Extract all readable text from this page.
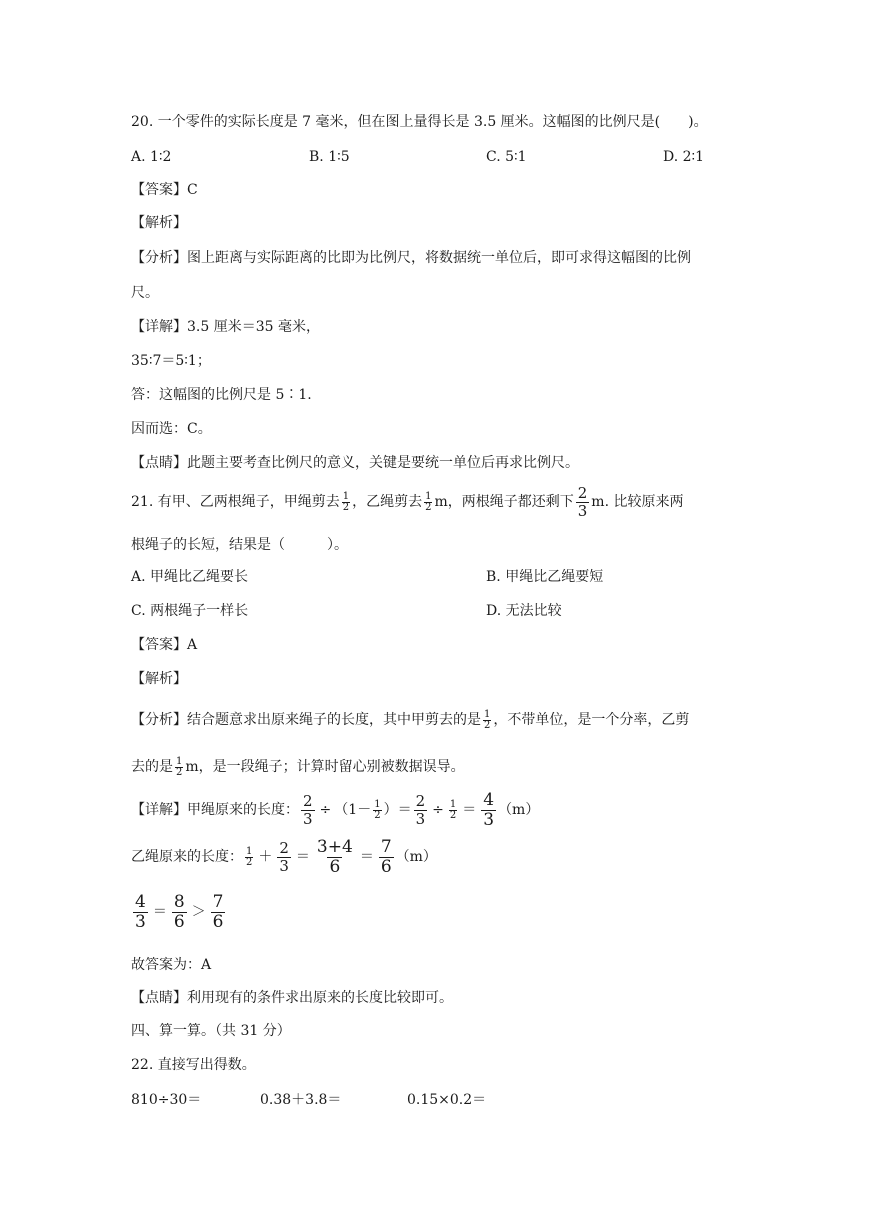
20. 一个零件的实际长度是 7 毫米，但在图上量得长是 3.5 厘米。这幅图的比例尺是(　　)。
A. 1∶2	B. 1∶5	C. 5∶1	D. 2∶1
【答案】C
【解析】
【分析】图上距离与实际距离的比即为比例尺，将数据统一单位后，即可求得这幅图的比例
尺。
【详解】3.5 厘米＝35 毫米，
35∶7＝5∶1；
答：这幅图的比例尺是 5∶1.
因而选：C。
【点睛】此题主要考查比例尺的意义，关键是要统一单位后再求比例尺。
21. 有甲、乙两根绳子，甲绳剪去 $\frac{1}{2}$ ，乙绳剪去 $\frac{1}{2}$ m，两根绳子都还剩下 $\frac{2}{3} m$. 比较原来两
根绳子的长短，结果是（　　　）。
A. 甲绳比乙绳要长	B. 甲绳比乙绳要短
C. 两根绳子一样长	D. 无法比较
【答案】A
【解析】
【分析】结合题意求出原来绳子的长度，其中甲剪去的是 $\frac{1}{2}$ ，不带单位，是一个分率，乙剪
去的是 $\frac{1}{2}$ m，是一段绳子；计算时留心别被数据误导。
【详解】甲绳原来的长度： $\frac{2}{3} \div (1- \frac{1}{2}$ ）＝ $\frac{2}{3} \div \frac{1}{2} = \frac{4}{3} (m)$
乙绳原来的长度： $\frac{1}{2} + \frac{2}{3} = \frac{3+4}{6} = \frac{7}{6} (m)$
$\frac{4}{3} = \frac{8}{6} > \frac{7}{6}$
故答案为：A
【点睛】利用现有的条件求出原来的长度比较即可。
四、算一算。（共 31 分）
22. 直接写出得数。
810÷30＝	0.38＋3.8＝	0.15×0.2＝
